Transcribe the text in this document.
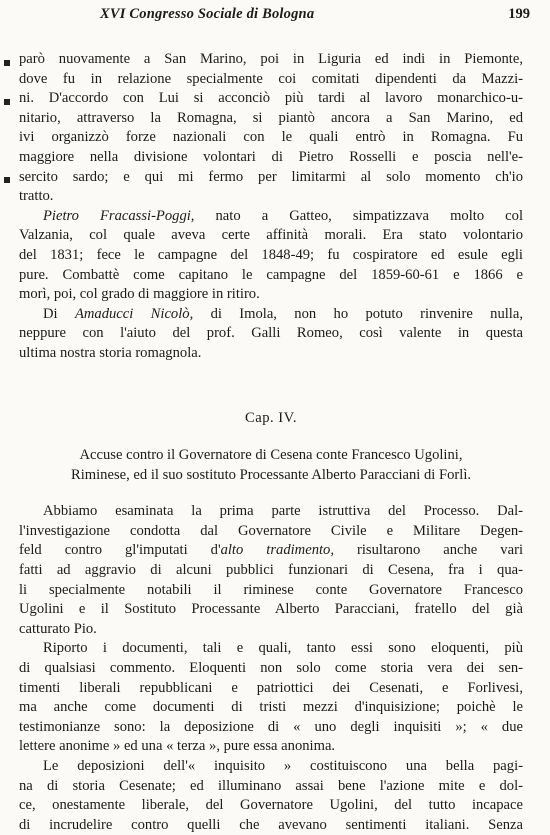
XVI Congresso Sociale di Bologna	199

parò nuovamente a San Marino, poi in Liguria ed indi in Piemonte,

dove fu in relazione specialmente coi comitati dipendenti da Mazzi-

ni. D'accordo con Lui si acconciò più tardi al lavoro monarchico-u-

nitario, attraverso la Romagna, si piantò ancora a San Marino, ed

ivi organizzò forze nazionali con le quali entrò in Romagna. Fu

maggiore nella divisione volontari di Pietro Rosselli e poscia nell'e-

sercito sardo; e qui mi fermo per limitarmi al solo momento ch'io

tratto.

Pietro Fracassi-Poggi, nato a Gatteo, simpatizzava molto col

Valzania, col quale aveva certe affinità morali. Era stato volontario

del 1831; fece le campagne del 1848-49; fu cospiratore ed esule egli

pure. Combattè come capitano le campagne del 1859-60-61 e 1866 e

morì, poi, col grado di maggiore in ritiro.

Di Amaducci Nicolò, di Imola, non ho potuto rinvenire nulla,

neppure con l'aiuto del prof. Galli Romeo, così valente in questa

ultima nostra storia romagnola.

Cap. IV.

Accuse contro il Governatore di Cesena conte Francesco Ugolini,

Riminese, ed il suo sostituto Processante Alberto Paracciani di Forlì.

Abbiamo esaminata la prima parte istruttiva del Processo. Dal-

l'investigazione condotta dal Governatore Civile e Militare Degen-

feld contro gl'imputati d'alto tradimento, risultarono anche vari

fatti ad aggravio di alcuni pubblici funzionari di Cesena, fra i qua-

li specialmente notabili il riminese conte Governatore Francesco

Ugolini e il Sostituto Processante Alberto Paracciani, fratello del già

catturato Pio.

Riporto i documenti, tali e quali, tanto essi sono eloquenti, più

di qualsiasi commento. Eloquenti non solo come storia vera dei sen-

timenti liberali repubblicani e patriottici dei Cesenati, e Forlivesi,

ma anche come documenti di tristi mezzi d'inquisizione; poichè le

testimonianze sono: la deposizione di « uno degli inquisiti »; « due

lettere anonime » ed una « terza », pure essa anonima.

Le deposizioni dell'« inquisito » costituiscono una bella pagi-

na di storia Cesenate; ed illuminano assai bene l'azione mite e dol-

ce, onestamente liberale, del Governatore Ugolini, del tutto incapace

di incrudelire contro quelli che avevano sentimenti italiani. Senza
